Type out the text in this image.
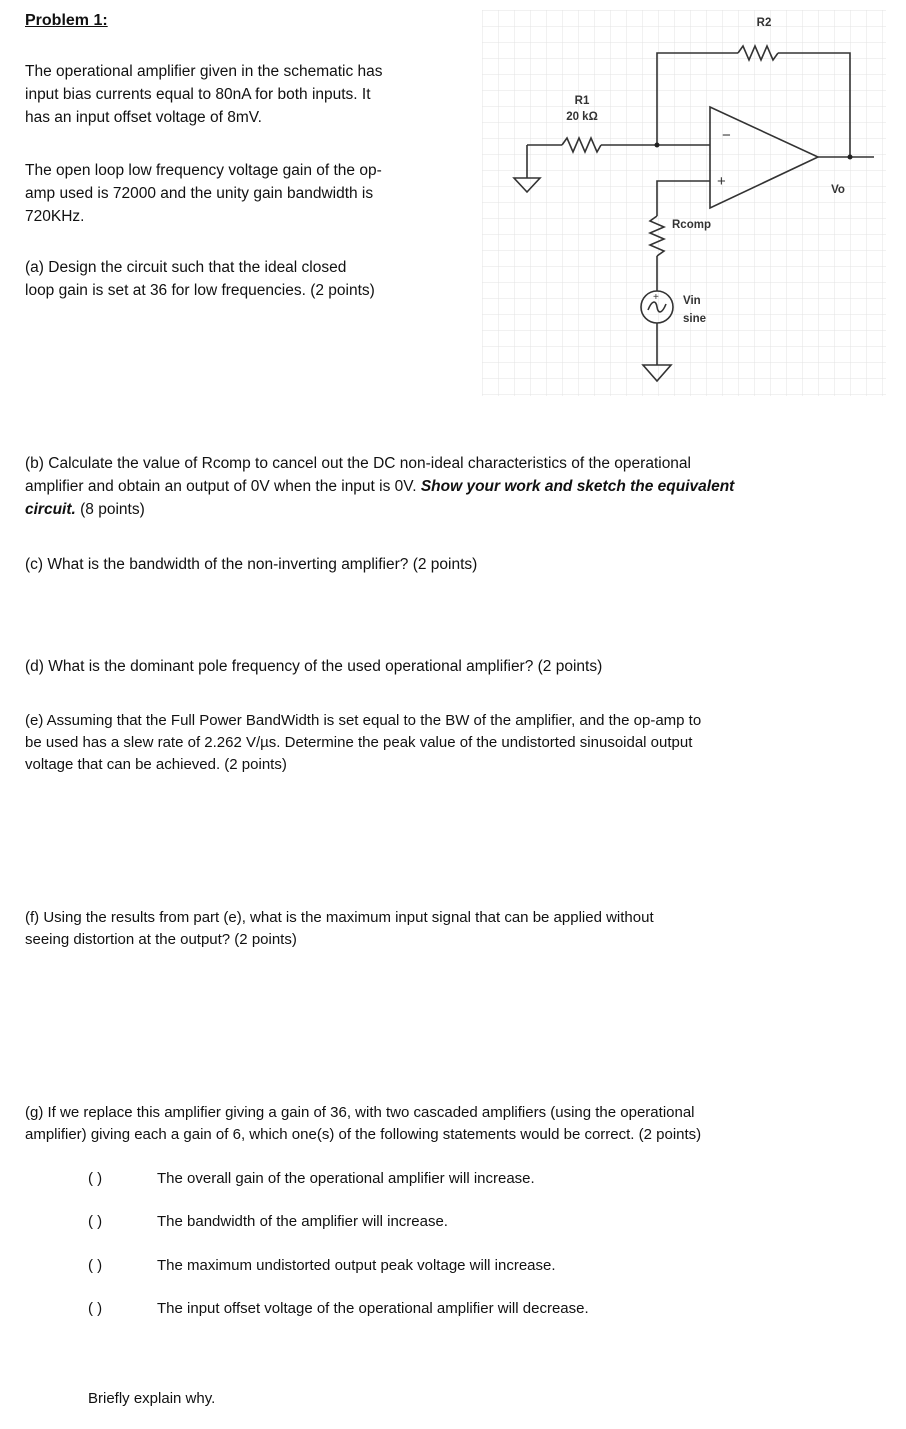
Problem 1:
The operational amplifier given in the schematic has
input bias currents equal to 80nA for both inputs. It
has an input offset voltage of 8mV.
The open loop low frequency voltage gain of the op-
amp used is 72000 and the unity gain bandwidth is
720KHz.
(a) Design the circuit such that the ideal closed
loop gain is set at 36 for low frequencies. (2 points)
R1
20 kΩ
R2
Rcomp
Vin
sine
Vo
−
+
+
(b) Calculate the value of Rcomp to cancel out the DC non-ideal characteristics of the operational
amplifier and obtain an output of 0V when the input is 0V. Show your work and sketch the equivalent
circuit. (8 points)
(c) What is the bandwidth of the non-inverting amplifier? (2 points)
(d) What is the dominant pole frequency of the used operational amplifier? (2 points)
(e) Assuming that the Full Power BandWidth is set equal to the BW of the amplifier, and the op-amp to
be used has a slew rate of 2.262 V/µs. Determine the peak value of the undistorted sinusoidal output
voltage that can be achieved. (2 points)
(f) Using the results from part (e), what is the maximum input signal that can be applied without
seeing distortion at the output? (2 points)
(g) If we replace this amplifier giving a gain of 36, with two cascaded amplifiers (using the operational
amplifier) giving each a gain of 6, which one(s) of the following statements would be correct. (2 points)
( )	The overall gain of the operational amplifier will increase.
( )	The bandwidth of the amplifier will increase.
( )	The maximum undistorted output peak voltage will increase.
( )	The input offset voltage of the operational amplifier will decrease.
Briefly explain why.
